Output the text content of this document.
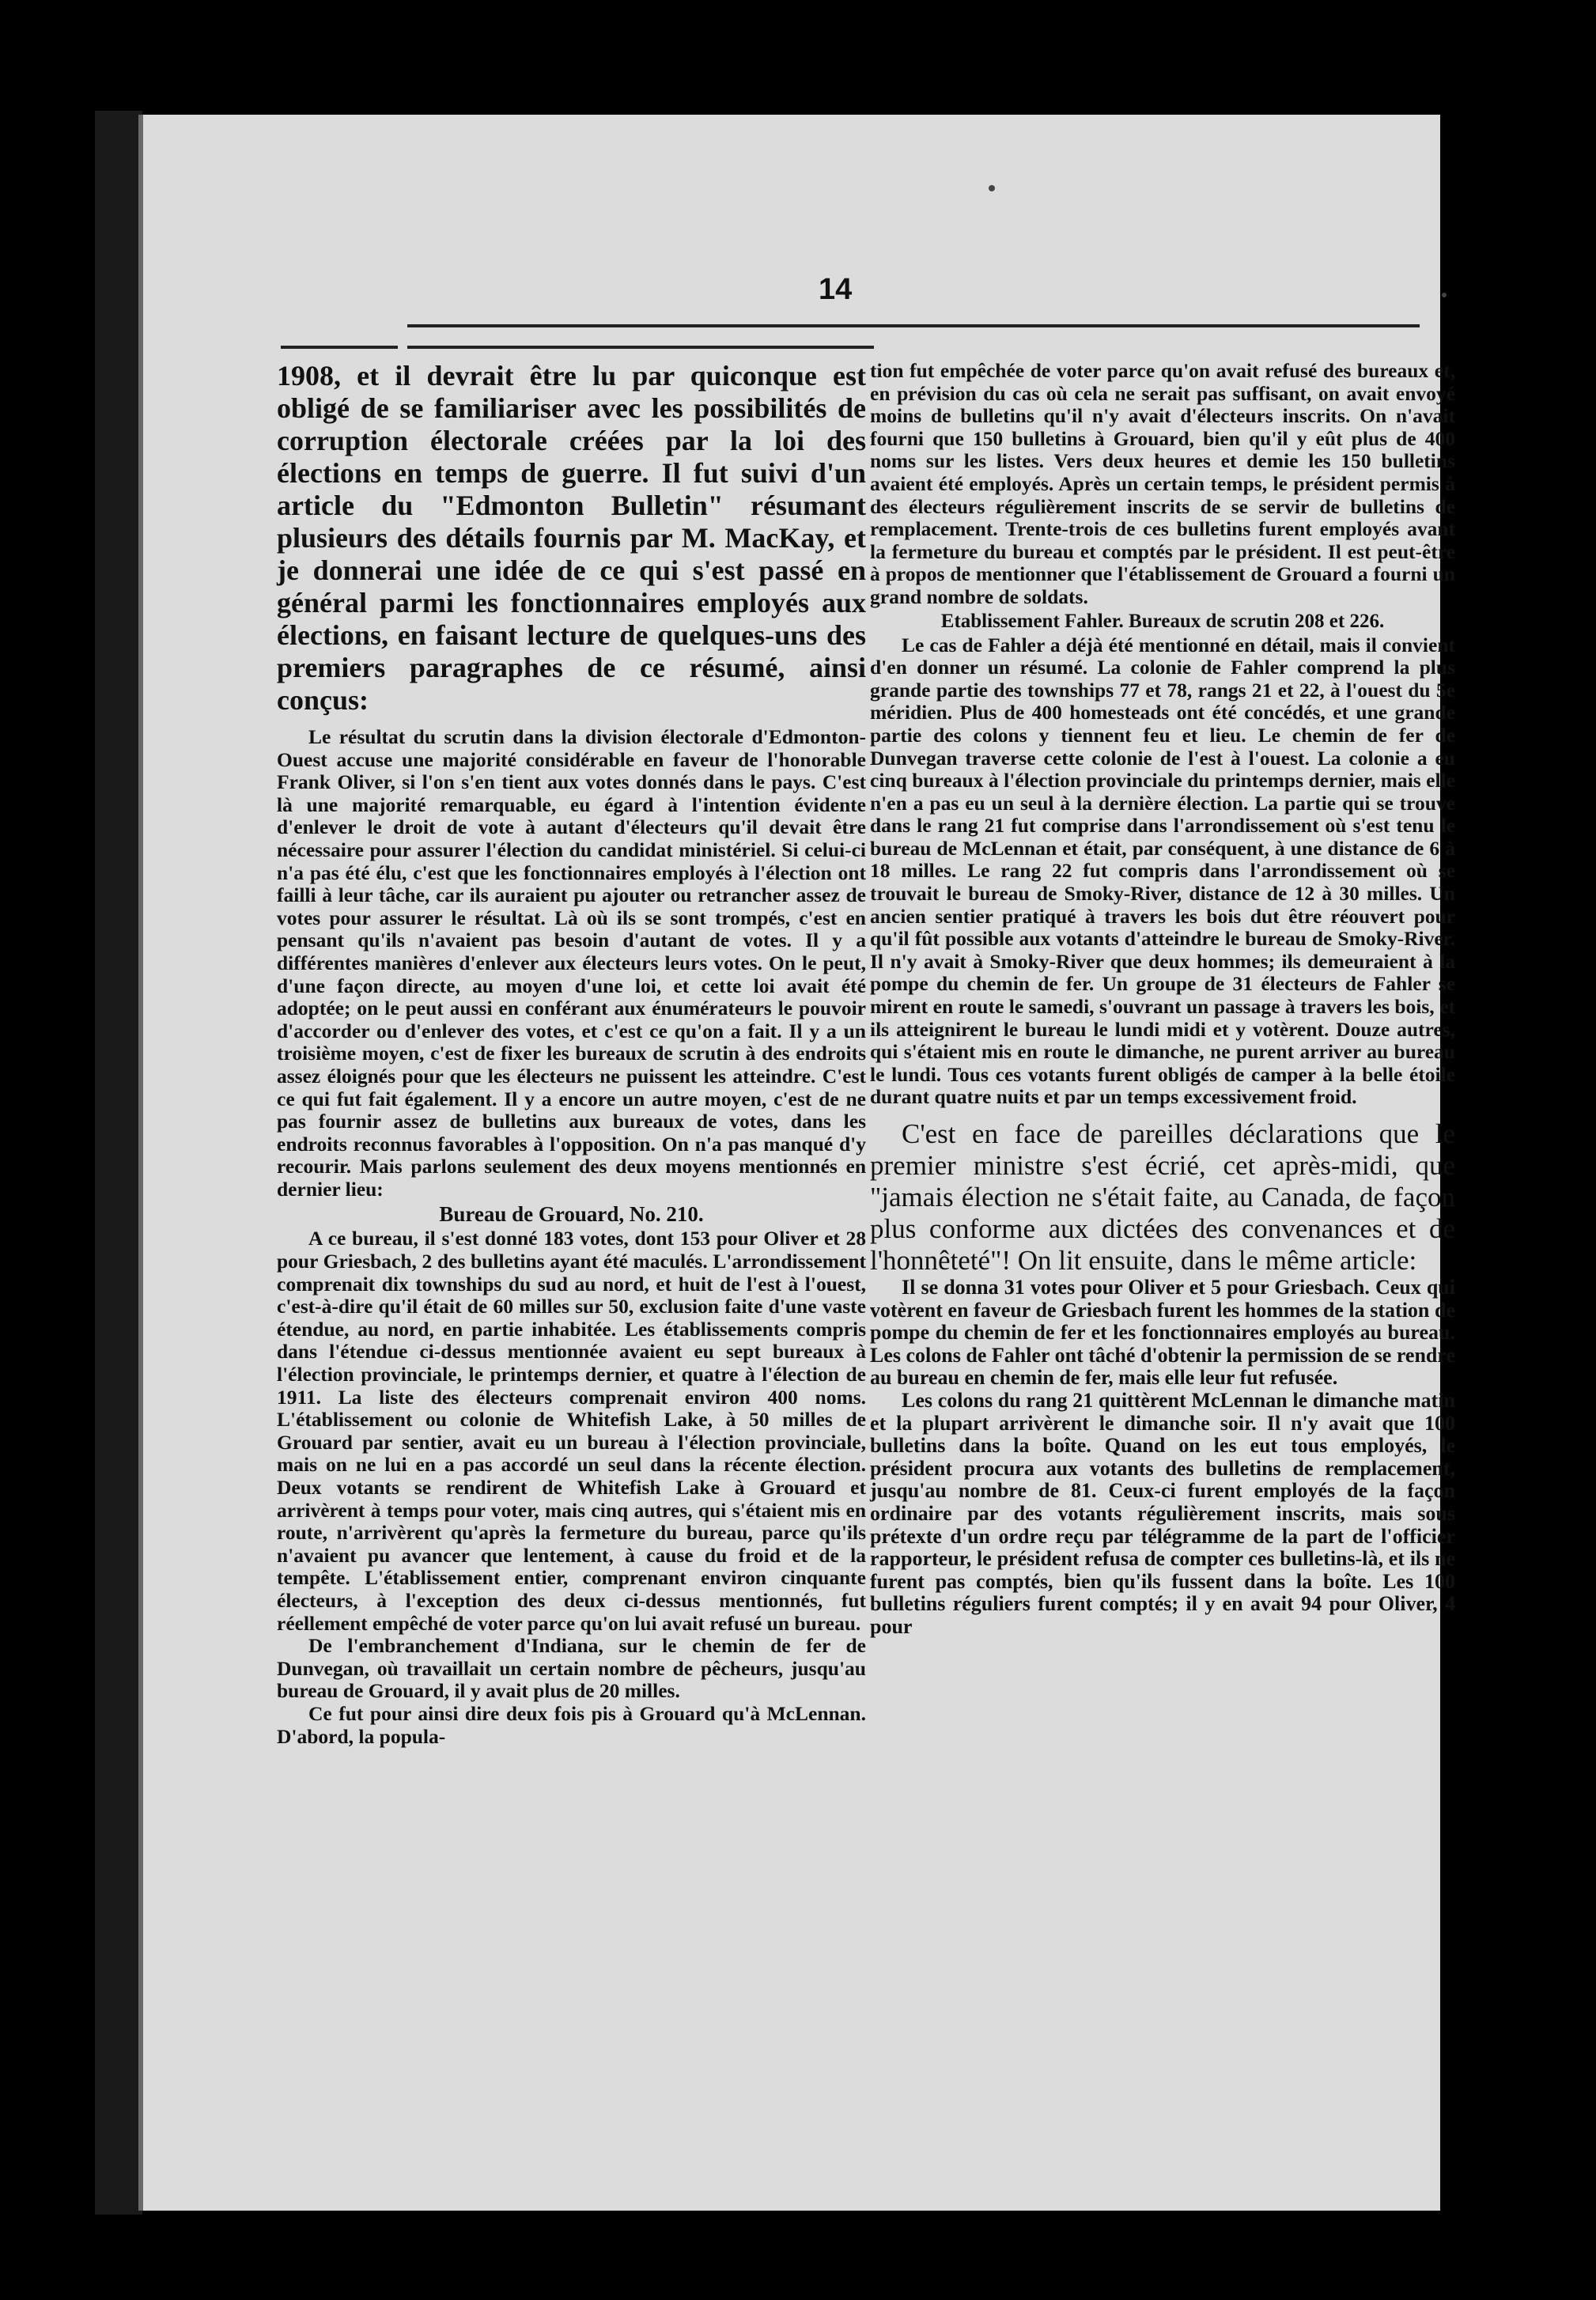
14

1908, et il devrait être lu par quiconque est obligé de se familiariser avec les possibilités de corruption électorale créées par la loi des élections en temps de guerre. Il fut suivi d'un article du "Edmonton Bulletin" résumant plusieurs des détails fournis par M. MacKay, et je donnerai une idée de ce qui s'est passé en général parmi les fonctionnaires employés aux élections, en faisant lecture de quelques-uns des premiers paragraphes de ce résumé, ainsi conçus:

Le résultat du scrutin dans la division électorale d'Edmonton-Ouest accuse une majorité considérable en faveur de l'honorable Frank Oliver, si l'on s'en tient aux votes donnés dans le pays. C'est là une majorité remarquable, eu égard à l'intention évidente d'enlever le droit de vote à autant d'électeurs qu'il devait être nécessaire pour assurer l'élection du candidat ministériel. Si celui-ci n'a pas été élu, c'est que les fonctionnaires employés à l'élection ont failli à leur tâche, car ils auraient pu ajouter ou retrancher assez de votes pour assurer le résultat. Là où ils se sont trompés, c'est en pensant qu'ils n'avaient pas besoin d'autant de votes. Il y a différentes manières d'enlever aux électeurs leurs votes. On le peut, d'une façon directe, au moyen d'une loi, et cette loi avait été adoptée; on le peut aussi en conférant aux énumérateurs le pouvoir d'accorder ou d'enlever des votes, et c'est ce qu'on a fait. Il y a un troisième moyen, c'est de fixer les bureaux de scrutin à des endroits assez éloignés pour que les électeurs ne puissent les atteindre. C'est ce qui fut fait également. Il y a encore un autre moyen, c'est de ne pas fournir assez de bulletins aux bureaux de votes, dans les endroits reconnus favorables à l'opposition. On n'a pas manqué d'y recourir. Mais parlons seulement des deux moyens mentionnés en dernier lieu:

Bureau de Grouard, No. 210.

A ce bureau, il s'est donné 183 votes, dont 153 pour Oliver et 28 pour Griesbach, 2 des bulletins ayant été maculés. L'arrondissement comprenait dix townships du sud au nord, et huit de l'est à l'ouest, c'est-à-dire qu'il était de 60 milles sur 50, exclusion faite d'une vaste étendue, au nord, en partie inhabitée. Les établissements compris dans l'étendue ci-dessus mentionnée avaient eu sept bureaux à l'élection provinciale, le printemps dernier, et quatre à l'élection de 1911. La liste des électeurs comprenait environ 400 noms. L'établissement ou colonie de Whitefish Lake, à 50 milles de Grouard par sentier, avait eu un bureau à l'élection provinciale, mais on ne lui en a pas accordé un seul dans la récente élection. Deux votants se rendirent de Whitefish Lake à Grouard et arrivèrent à temps pour voter, mais cinq autres, qui s'étaient mis en route, n'arrivèrent qu'après la fermeture du bureau, parce qu'ils n'avaient pu avancer que lentement, à cause du froid et de la tempête. L'établissement entier, comprenant environ cinquante électeurs, à l'exception des deux ci-dessus mentionnés, fut réellement empêché de voter parce qu'on lui avait refusé un bureau.

De l'embranchement d'Indiana, sur le chemin de fer de Dunvegan, où travaillait un certain nombre de pêcheurs, jusqu'au bureau de Grouard, il y avait plus de 20 milles.

Ce fut pour ainsi dire deux fois pis à Grouard qu'à McLennan. D'abord, la popula-

tion fut empêchée de voter parce qu'on avait refusé des bureaux et, en prévision du cas où cela ne serait pas suffisant, on avait envoyé moins de bulletins qu'il n'y avait d'électeurs inscrits. On n'avait fourni que 150 bulletins à Grouard, bien qu'il y eût plus de 400 noms sur les listes. Vers deux heures et demie les 150 bulletins avaient été employés. Après un certain temps, le président permis à des électeurs régulièrement inscrits de se servir de bulletins de remplacement. Trente-trois de ces bulletins furent employés avant la fermeture du bureau et comptés par le président. Il est peut-être à propos de mentionner que l'établissement de Grouard a fourni un grand nombre de soldats.

Etablissement Fahler. Bureaux de scrutin 208 et 226.

Le cas de Fahler a déjà été mentionné en détail, mais il convient d'en donner un résumé. La colonie de Fahler comprend la plus grande partie des townships 77 et 78, rangs 21 et 22, à l'ouest du 5e méridien. Plus de 400 homesteads ont été concédés, et une grande partie des colons y tiennent feu et lieu. Le chemin de fer de Dunvegan traverse cette colonie de l'est à l'ouest. La colonie a eu cinq bureaux à l'élection provinciale du printemps dernier, mais elle n'en a pas eu un seul à la dernière élection. La partie qui se trouve dans le rang 21 fut comprise dans l'arrondissement où s'est tenu le bureau de McLennan et était, par conséquent, à une distance de 6 à 18 milles. Le rang 22 fut compris dans l'arrondissement où se trouvait le bureau de Smoky-River, distance de 12 à 30 milles. Un ancien sentier pratiqué à travers les bois dut être réouvert pour qu'il fût possible aux votants d'atteindre le bureau de Smoky-River. Il n'y avait à Smoky-River que deux hommes; ils demeuraient à la pompe du chemin de fer. Un groupe de 31 électeurs de Fahler se mirent en route le samedi, s'ouvrant un passage à travers les bois, et ils atteignirent le bureau le lundi midi et y votèrent. Douze autres, qui s'étaient mis en route le dimanche, ne purent arriver au bureau le lundi. Tous ces votants furent obligés de camper à la belle étoile durant quatre nuits et par un temps excessivement froid.

C'est en face de pareilles déclarations que le premier ministre s'est écrié, cet après-midi, que "jamais élection ne s'était faite, au Canada, de façon plus conforme aux dictées des convenances et de l'honnêteté"! On lit ensuite, dans le même article:

Il se donna 31 votes pour Oliver et 5 pour Griesbach. Ceux qui votèrent en faveur de Griesbach furent les hommes de la station de pompe du chemin de fer et les fonctionnaires employés au bureau. Les colons de Fahler ont tâché d'obtenir la permission de se rendre au bureau en chemin de fer, mais elle leur fut refusée.

Les colons du rang 21 quittèrent McLennan le dimanche matin et la plupart arrivèrent le dimanche soir. Il n'y avait que 100 bulletins dans la boîte. Quand on les eut tous employés, le président procura aux votants des bulletins de remplacement, jusqu'au nombre de 81. Ceux-ci furent employés de la façon ordinaire par des votants régulièrement inscrits, mais sous prétexte d'un ordre reçu par télégramme de la part de l'officier rapporteur, le président refusa de compter ces bulletins-là, et ils ne furent pas comptés, bien qu'ils fussent dans la boîte. Les 100 bulletins réguliers furent comptés; il y en avait 94 pour Oliver, 4 pour
